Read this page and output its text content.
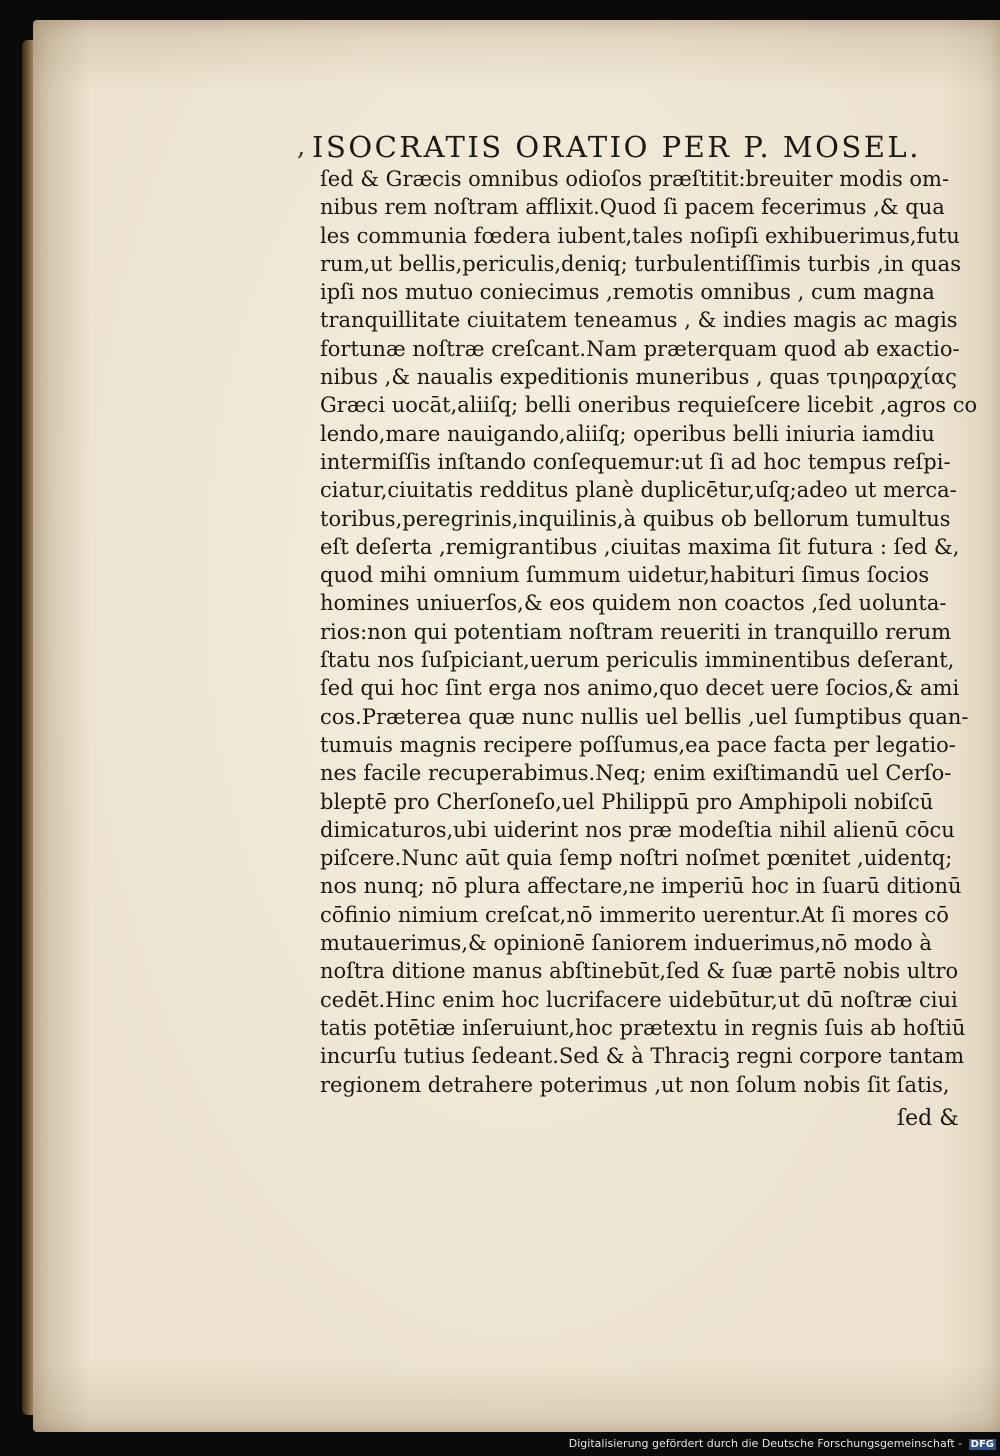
, ISOCRATIS ORATIO PER P. MOSEL.
ſed & Græcis omnibus odioſos præſtitit:breuiter modis om-
nibus rem noſtram afflixit.Quod ſi pacem fecerimus ,& qua
les communia fœdera iubent,tales noſipſi exhibuerimus,futu
rum,ut bellis,periculis,deniq; turbulentiſſimis turbis ,in quas
ipſi nos mutuo coniecimus ,remotis omnibus , cum magna
tranquillitate ciuitatem teneamus , & indies magis ac magis
fortunæ noſtræ creſcant.Nam præterquam quod ab exactio-
nibus ,& naualis expeditionis muneribus , quas τριηραρχίας
Græci uocāt,aliiſq; belli oneribus requieſcere licebit ,agros co
lendo,mare nauigando,aliiſq; operibus belli iniuria iamdiu
intermiſſis inſtando conſequemur:ut ſi ad hoc tempus reſpi-
ciatur,ciuitatis redditus planè duplicētur,uſq;adeo ut merca-
toribus,peregrinis,inquilinis,à quibus ob bellorum tumultus
eſt deſerta ,remigrantibus ,ciuitas maxima ſit futura : ſed &,
quod mihi omnium ſummum uidetur,habituri ſimus ſocios
homines uniuerſos,& eos quidem non coactos ,ſed uolunta-
rios:non qui potentiam noſtram reueriti in tranquillo rerum
ſtatu nos ſuſpiciant,uerum periculis imminentibus deſerant,
ſed qui hoc ſint erga nos animo,quo decet uere ſocios,& ami
cos.Præterea quæ nunc nullis uel bellis ,uel ſumptibus quan-
tumuis magnis recipere poſſumus,ea pace facta per legatio-
nes facile recuperabimus.Neq; enim exiſtimandū uel Cerſo-
bleptē pro Cherſoneſo,uel Philippū pro Amphipoli nobiſcū
dimicaturos,ubi uiderint nos præ modeſtia nihil alienū cōcu
piſcere.Nunc aūt quia ſemp noſtri noſmet pœnitet ,uidentq;
nos nunq; nō plura affectare,ne imperiū hoc in ſuarū ditionū
cōfinio nimium creſcat,nō immerito uerentur.At ſi mores cō
mutauerimus,& opinionē ſaniorem induerimus,nō modo à
noſtra ditione manus abſtinebūt,ſed & ſuæ partē nobis ultro
cedēt.Hinc enim hoc lucrifacere uidebūtur,ut dū noſtræ ciui
tatis potētiæ inſeruiunt,hoc prætextu in regnis ſuis ab hoſtiū
incurſu tutius ſedeant.Sed & à Thraciꝫ regni corpore tantam
regionem detrahere poterimus ,ut non ſolum nobis ſit ſatis,
ſed &
Digitalisierung gefördert durch die Deutsche Forschungsgemeinschaft - DFG
